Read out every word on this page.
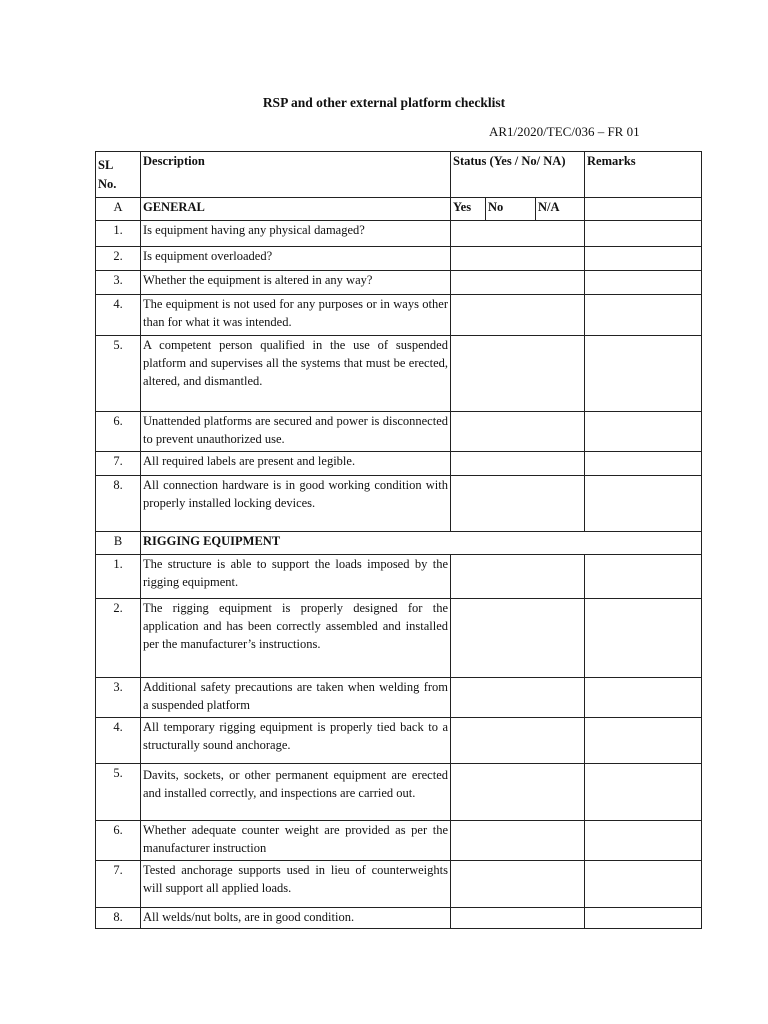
RSP and other external platform checklist
AR1/2020/TEC/036 – FR 01
SL
No.	Description	Status (Yes / No/ NA)			Remarks
A	GENERAL	Yes	No	N/A	
1.	Is equipment having any physical damaged?				
2.	Is equipment overloaded?				
3.	Whether the equipment is altered in any way?				
4.	The equipment is not used for any purposes or in ways other than for what it was intended.				
5.	A competent person qualified in the use of suspended platform and supervises all the systems that must be erected, altered, and dismantled.				
6.	Unattended platforms are secured and power is disconnected to prevent unauthorized use.				
7.	All required labels are present and legible.				
8.	All connection hardware is in good working condition with properly installed locking devices.				
B	RIGGING EQUIPMENT				
1.	The structure is able to support the loads imposed by the rigging equipment.				
2.	The rigging equipment is properly designed for the application and has been correctly assembled and installed per the manufacturer’s instructions.				
3.	Additional safety precautions are taken when welding from a suspended platform				
4.	All temporary rigging equipment is properly tied back to a structurally sound anchorage.				
5.	Davits, sockets, or other permanent equipment are erected and installed correctly, and inspections are carried out.				
6.	Whether adequate counter weight are provided as per the manufacturer instruction				
7.	Tested anchorage supports used in lieu of counterweights will support all applied loads.				
8.	All welds/nut bolts, are in good condition.				
